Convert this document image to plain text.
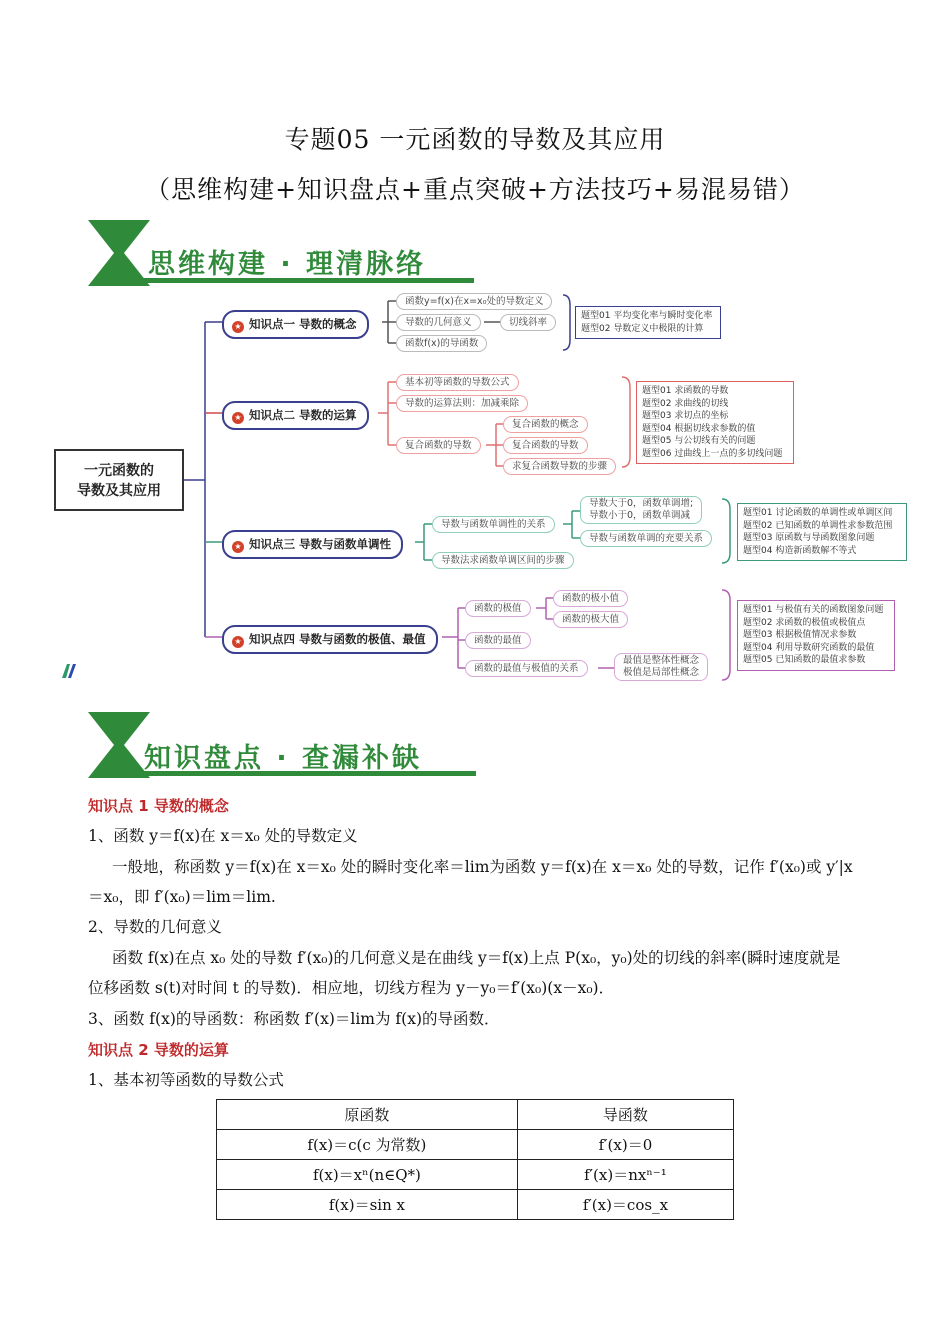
专题05 一元函数的导数及其应用
（思维构建+知识盘点+重点突破+方法技巧+易混易错）
思维构建 · 理清脉络
一元函数的
导数及其应用
★ 知识点一 导数的概念
函数y=f(x)在x=x₀处的导数定义
导数的几何意义
函数f(x)的导函数
切线斜率
题型01 平均变化率与瞬时变化率
题型02 导数定义中极限的计算
★ 知识点二 导数的运算
基本初等函数的导数公式
导数的运算法则：加减乘除
复合函数的导数
复合函数的概念
复合函数的导数
求复合函数导数的步骤
题型01 求函数的导数
题型02 求曲线的切线
题型03 求切点的坐标
题型04 根据切线求参数的值
题型05 与公切线有关的问题
题型06 过曲线上一点的多切线问题
★ 知识点三 导数与函数单调性
导数与函数单调性的关系
导数法求函数单调区间的步骤
导数大于0，函数单调增;
导数小于0，函数单调减
导数与函数单调的充要关系
题型01 讨论函数的单调性或单调区间
题型02 已知函数的单调性求参数范围
题型03 原函数与导函数图象问题
题型04 构造新函数解不等式
★ 知识点四 导数与函数的极值、最值
函数的极值
函数的最值
函数的最值与极值的关系
函数的极小值
函数的极大值
最值是整体性概念
极值是局部性概念
题型01 与极值有关的函数图象问题
题型02 求函数的极值或极值点
题型03 根据极值情况求参数
题型04 利用导数研究函数的最值
题型05 已知函数的最值求参数
知识盘点 · 查漏补缺
知识点 1 导数的概念
1、函数 y＝f(x)在 x＝x₀ 处的导数定义
一般地，称函数 y＝f(x)在 x＝x₀ 处的瞬时变化率＝lim为函数 y＝f(x)在 x＝x₀ 处的导数，记作 f′(x₀)或 y′|x
＝x₀，即 f′(x₀)＝lim＝lim.
2、导数的几何意义
函数 f(x)在点 x₀ 处的导数 f′(x₀)的几何意义是在曲线 y＝f(x)上点 P(x₀，y₀)处的切线的斜率(瞬时速度就是
位移函数 s(t)对时间 t 的导数)．相应地，切线方程为 y－y₀＝f′(x₀)(x－x₀)．
3、函数 f(x)的导函数：称函数 f′(x)＝lim为 f(x)的导函数．
知识点 2 导数的运算
1、基本初等函数的导数公式
原函数	导函数
f(x)＝c(c 为常数)	f′(x)＝0
f(x)＝xⁿ(n∈Q*)	f′(x)＝nxⁿ⁻¹
f(x)＝sin x	f′(x)＝cos_x
